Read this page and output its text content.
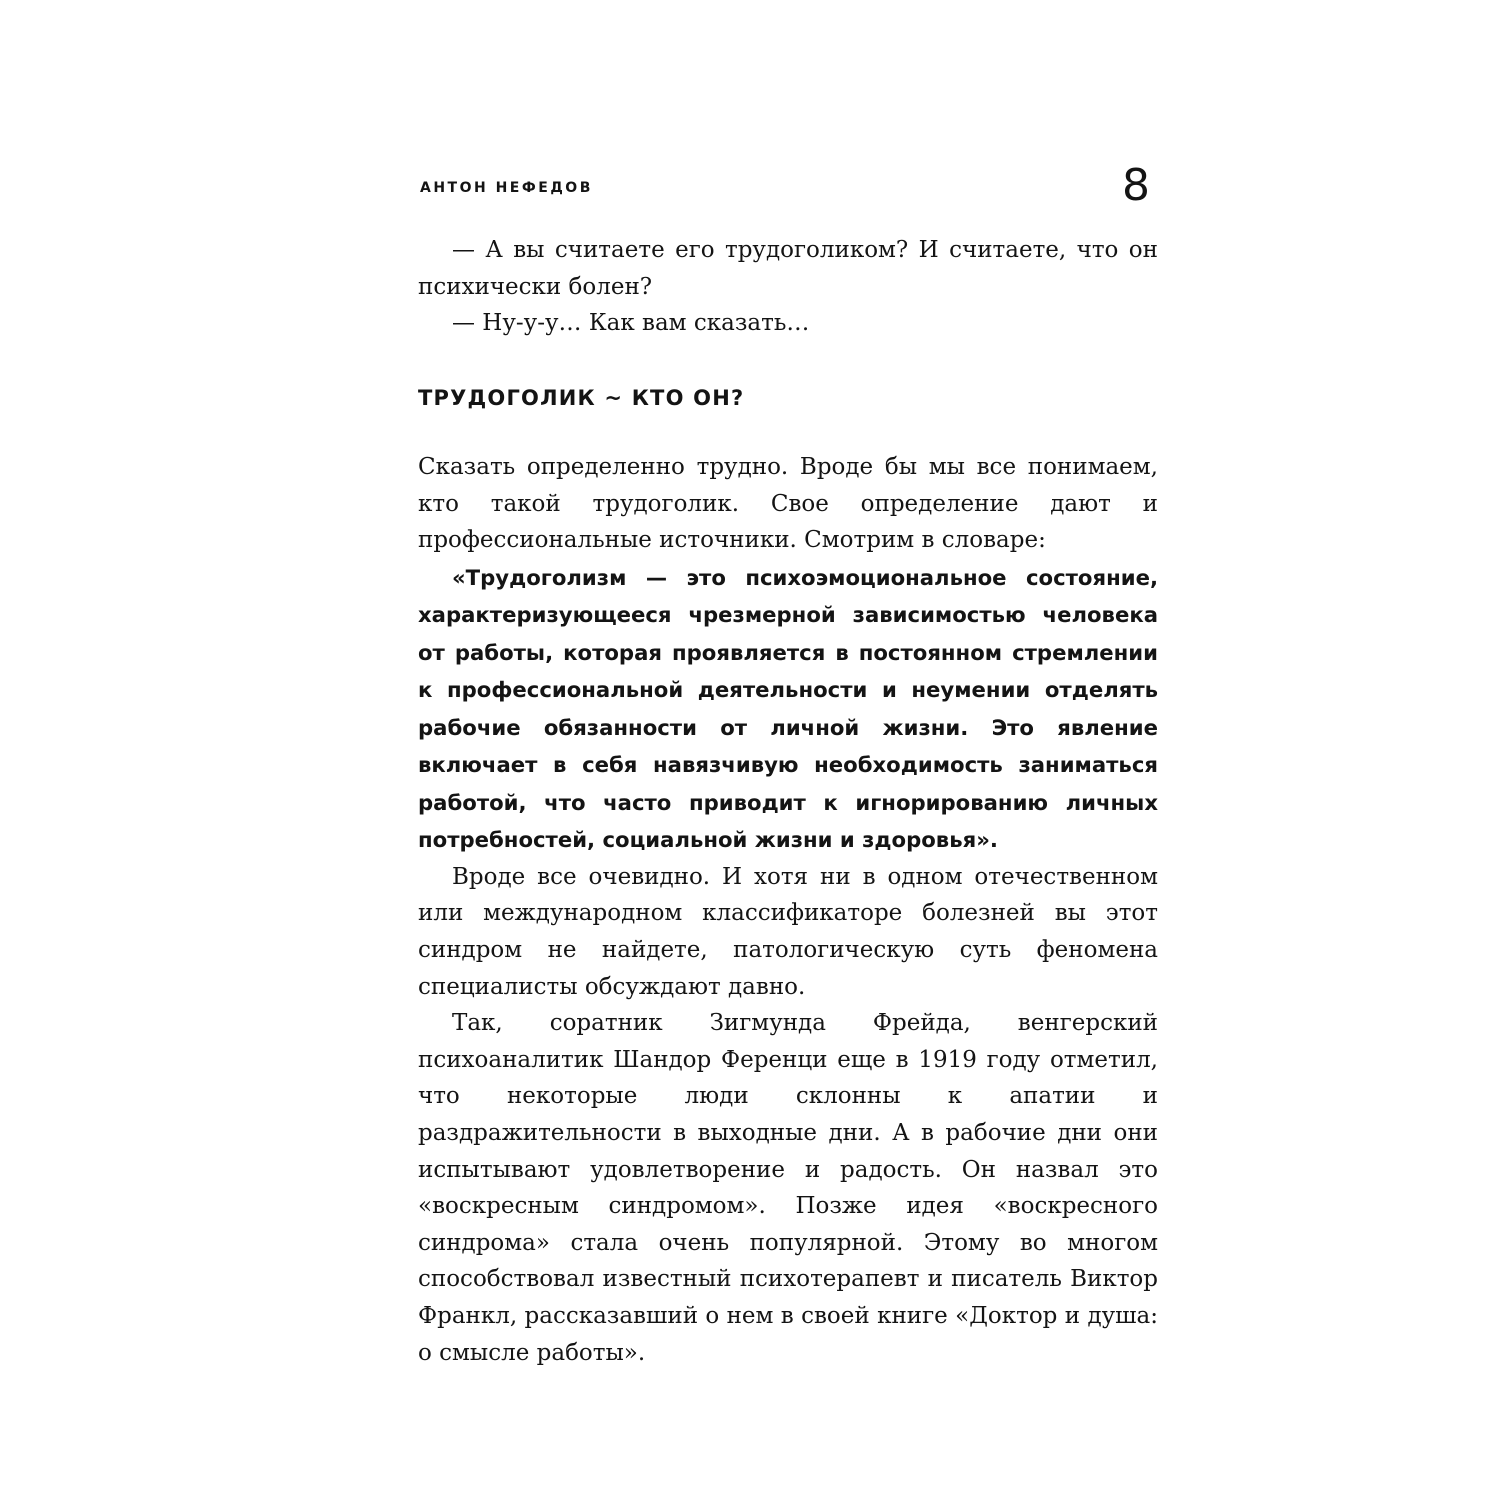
АНТОН НЕФЕДОВ	8

— А вы считаете его трудоголиком? И считаете, что он психически болен?

— Ну-у-у… Как вам сказать…

ТРУДОГОЛИК ~ КТО ОН?

Сказать определенно трудно. Вроде бы мы все понимаем, кто такой трудоголик. Свое определение дают и профессиональные источники. Смотрим в словаре:

«Трудоголизм — это психоэмоциональное состояние, характеризующееся чрезмерной зависимостью человека от работы, которая проявляется в постоянном стремлении к профессиональной деятельности и неумении отделять рабочие обязанности от личной жизни. Это явление включает в себя навязчивую необходимость заниматься работой, что часто приводит к игнорированию личных потребностей, социальной жизни и здоровья».

Вроде все очевидно. И хотя ни в одном отечественном или международном классификаторе болезней вы этот синдром не найдете, патологическую суть феномена специалисты обсуждают давно.

Так, соратник Зигмунда Фрейда, венгерский психоаналитик Шандор Ференци еще в 1919 году отметил, что некоторые люди склонны к апатии и раздражительности в выходные дни. А в рабочие дни они испытывают удовлетворение и радость. Он назвал это «воскресным синдромом». Позже идея «воскресного синдрома» стала очень популярной. Этому во многом способствовал известный психотерапевт и писатель Виктор Франкл, рассказавший о нем в своей книге «Доктор и душа: о смысле работы».
